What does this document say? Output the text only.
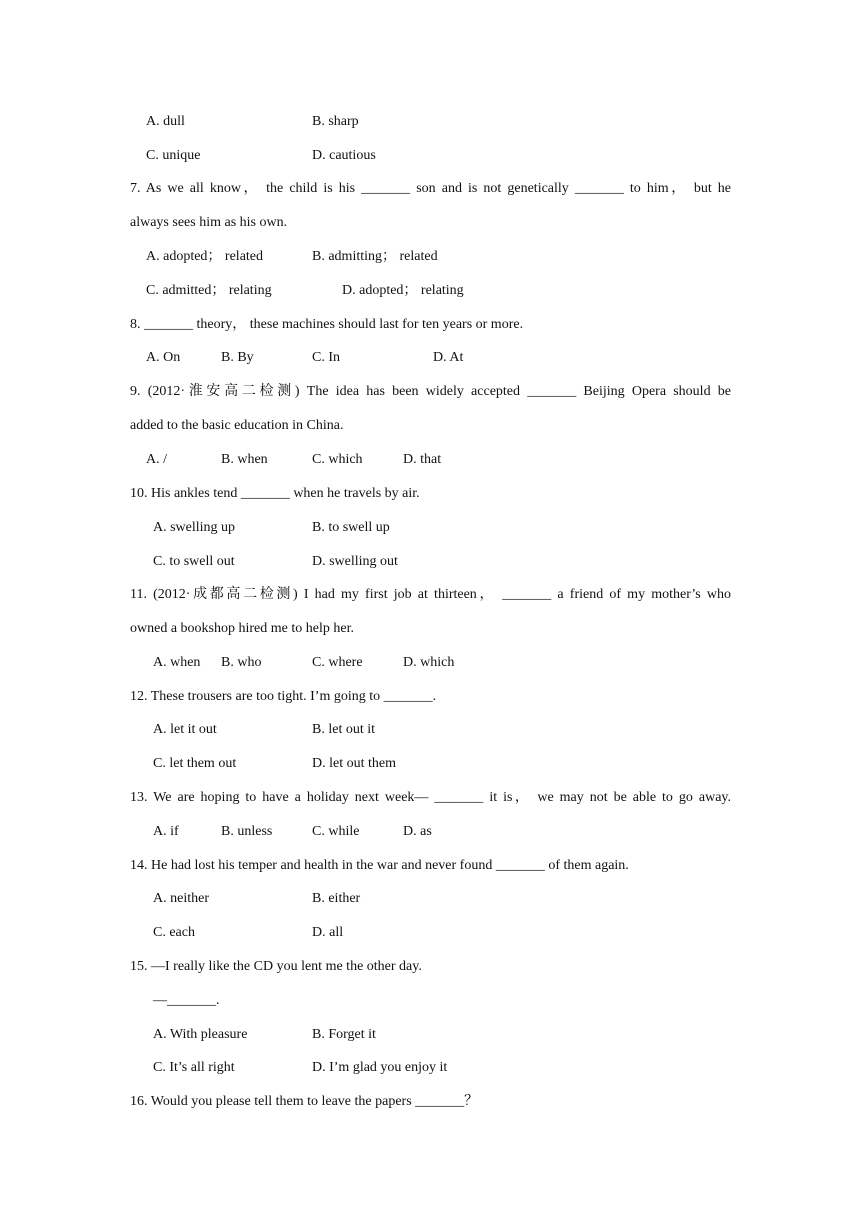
A. dull	B. sharp
C. unique	D. cautious
7. As we all know， the child is his _______ son and is not genetically _______ to him， but he
always sees him as his own.
A. adopted； related	B. admitting； related
C. admitted； relating	D. adopted； relating
8. _______ theory， these machines should last for ten years or more.
A. On	B. By	C. In	D. At
9. (2012·淮安高二检测) The idea has been widely accepted _______ Beijing Opera should be
added to the basic education in China.
A. /	B. when	C. which	D. that
10. His ankles tend _______ when he travels by air.
A. swelling up	B. to swell up
C. to swell out	D. swelling out
11. (2012·成都高二检测) I had my first job at thirteen， _______ a friend of my mother’s who
owned a bookshop hired me to help her.
A. when B. who	C. where	D. which
12. These trousers are too tight. I’m going to _______.
A. let it out	B. let out it
C. let them out	D. let out them
13. We are hoping to have a holiday next week— _______ it is， we may not be able to go away.
A. if	B. unless	C. while	D. as
14. He had lost his temper and health in the war and never found _______ of them again.
A. neither	B. either
C. each	D. all
15. —I really like the CD you lent me the other day.
—_______.
A. With pleasure	B. Forget it
C. It’s all right	D. I’m glad you enjoy it
16. Would you please tell them to leave the papers _______？
